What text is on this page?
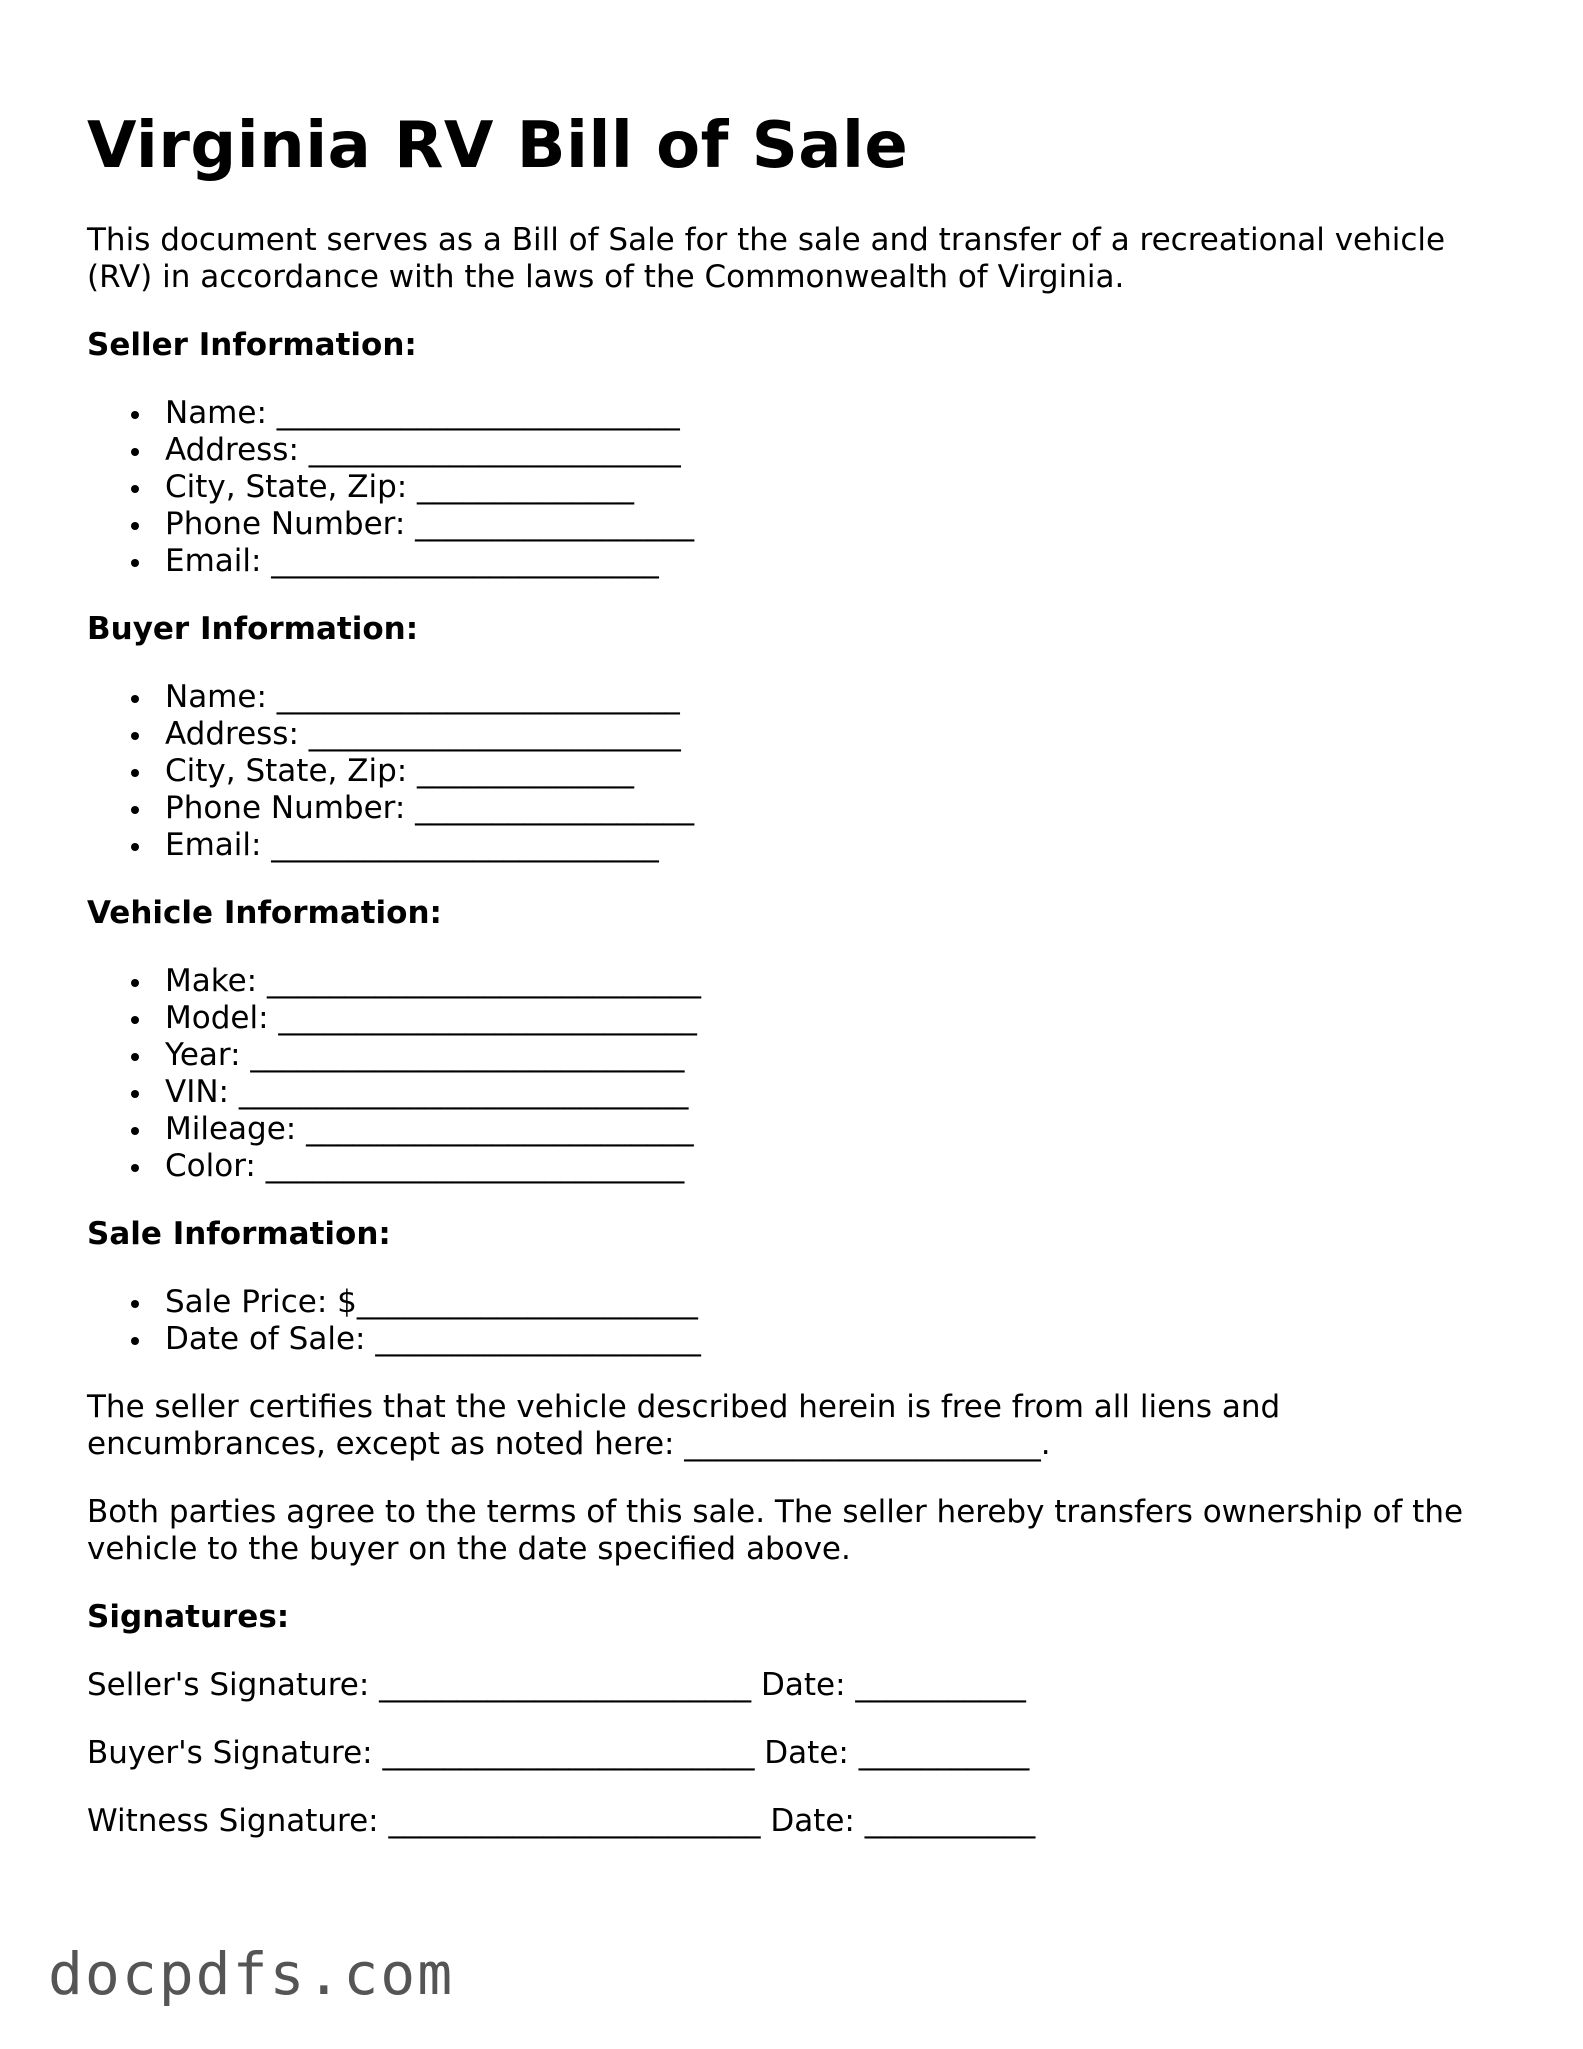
Virginia RV Bill of Sale

This document serves as a Bill of Sale for the sale and transfer of a recreational vehicle (RV) in accordance with the laws of the Commonwealth of Virginia.

Seller Information:
Name: __________________________
Address: ________________________
City, State, Zip: ______________
Phone Number: __________________
Email: _________________________
Buyer Information:
Name: __________________________
Address: ________________________
City, State, Zip: ______________
Phone Number: __________________
Email: _________________________
Vehicle Information:
Make: ____________________________
Model: ___________________________
Year: ____________________________
VIN: _____________________________
Mileage: _________________________
Color: ___________________________
Sale Information:
Sale Price: $______________________
Date of Sale: _____________________

The seller certifies that the vehicle described herein is free from all liens and encumbrances, except as noted here: _______________________.

Both parties agree to the terms of this sale. The seller hereby transfers ownership of the vehicle to the buyer on the date specified above.

Signatures:
Seller's Signature: ________________________ Date: ___________
Buyer's Signature: ________________________ Date: ___________
Witness Signature: ________________________ Date: ___________
docpdfs.com
